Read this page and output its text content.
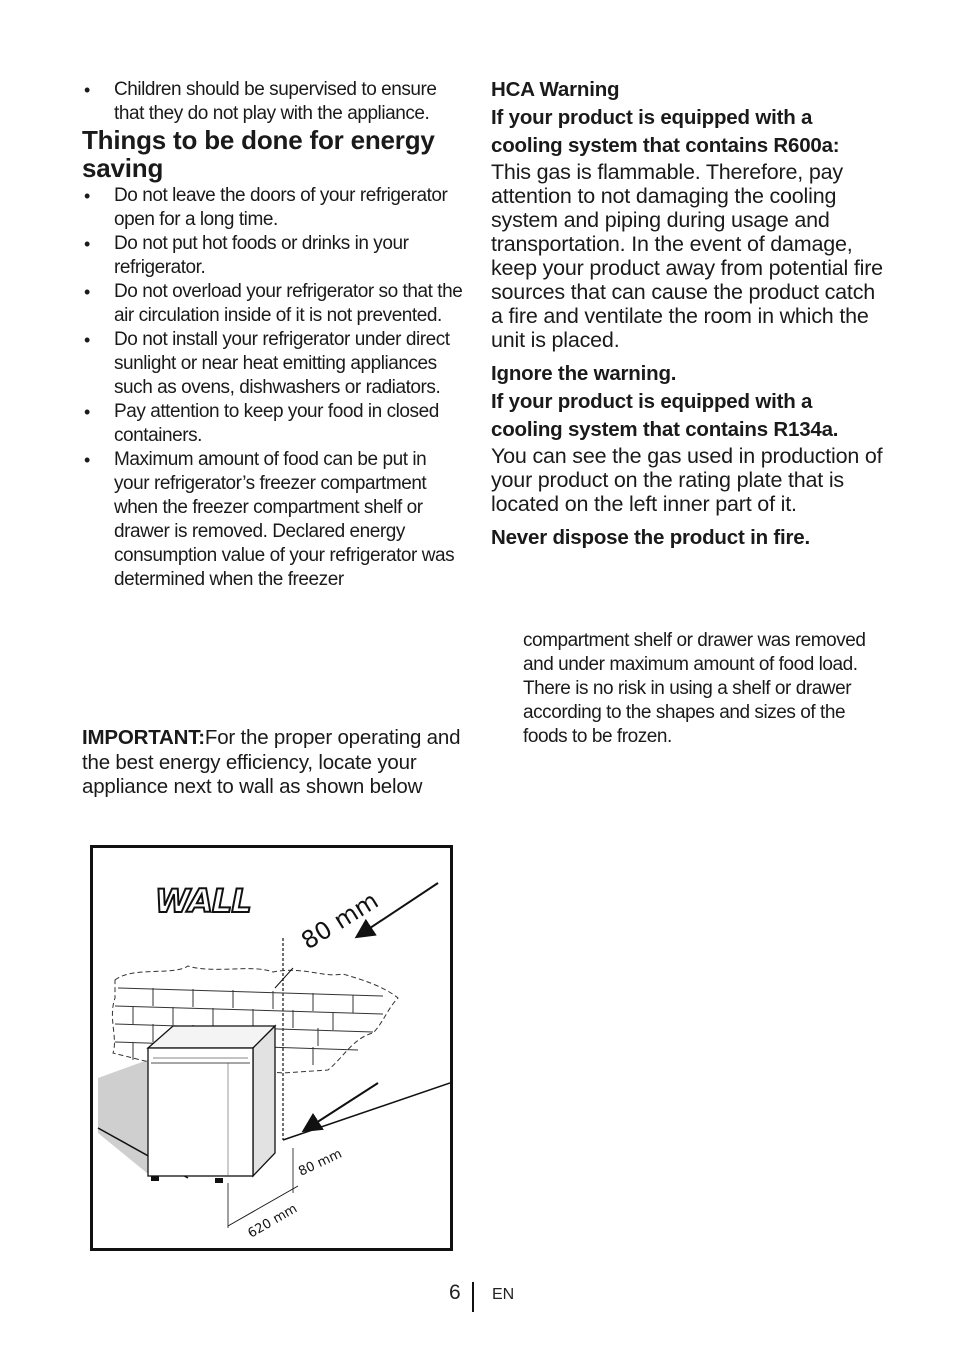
• Children should be supervised to ensure that they do not play with the appliance.
Things to be done for energy saving
• Do not leave the doors of your refrigerator open for a long time.
• Do not put hot foods or drinks in your refrigerator.
• Do not overload your refrigerator so that the air circulation inside of it is not prevented.
• Do not install your refrigerator under direct sunlight or near heat emitting appliances such as ovens, dishwashers or radiators.
• Pay attention to keep your food in closed containers.
• Maximum amount of food can be put in your refrigerator’s freezer compartment when the freezer compartment shelf or drawer is removed. Declared energy consumption value of your refrigerator was determined when the freezer
IMPORTANT:For the proper operating and the best energy efficiency, locate your appliance next to wall as shown below
HCA Warning
If your product is equipped with a cooling system that contains R600a:

This gas is flammable. Therefore, pay attention to not damaging the cooling system and piping during usage and transportation. In the event of damage, keep your product away from potential fire sources that can cause the product catch a fire and ventilate the room in which the unit is placed.

Ignore the warning.
If your product is equipped with a cooling system that contains R134a.

You can see the gas used in production of your product on the rating plate that is located on the left inner part of it.

Never dispose the product in fire.
compartment shelf or drawer was removed and under maximum amount of food load. There is no risk in using a shelf or drawer according to the shapes and sizes of the foods to be frozen.
WALL 80 mm
80 mm
620 mm
6 EN
